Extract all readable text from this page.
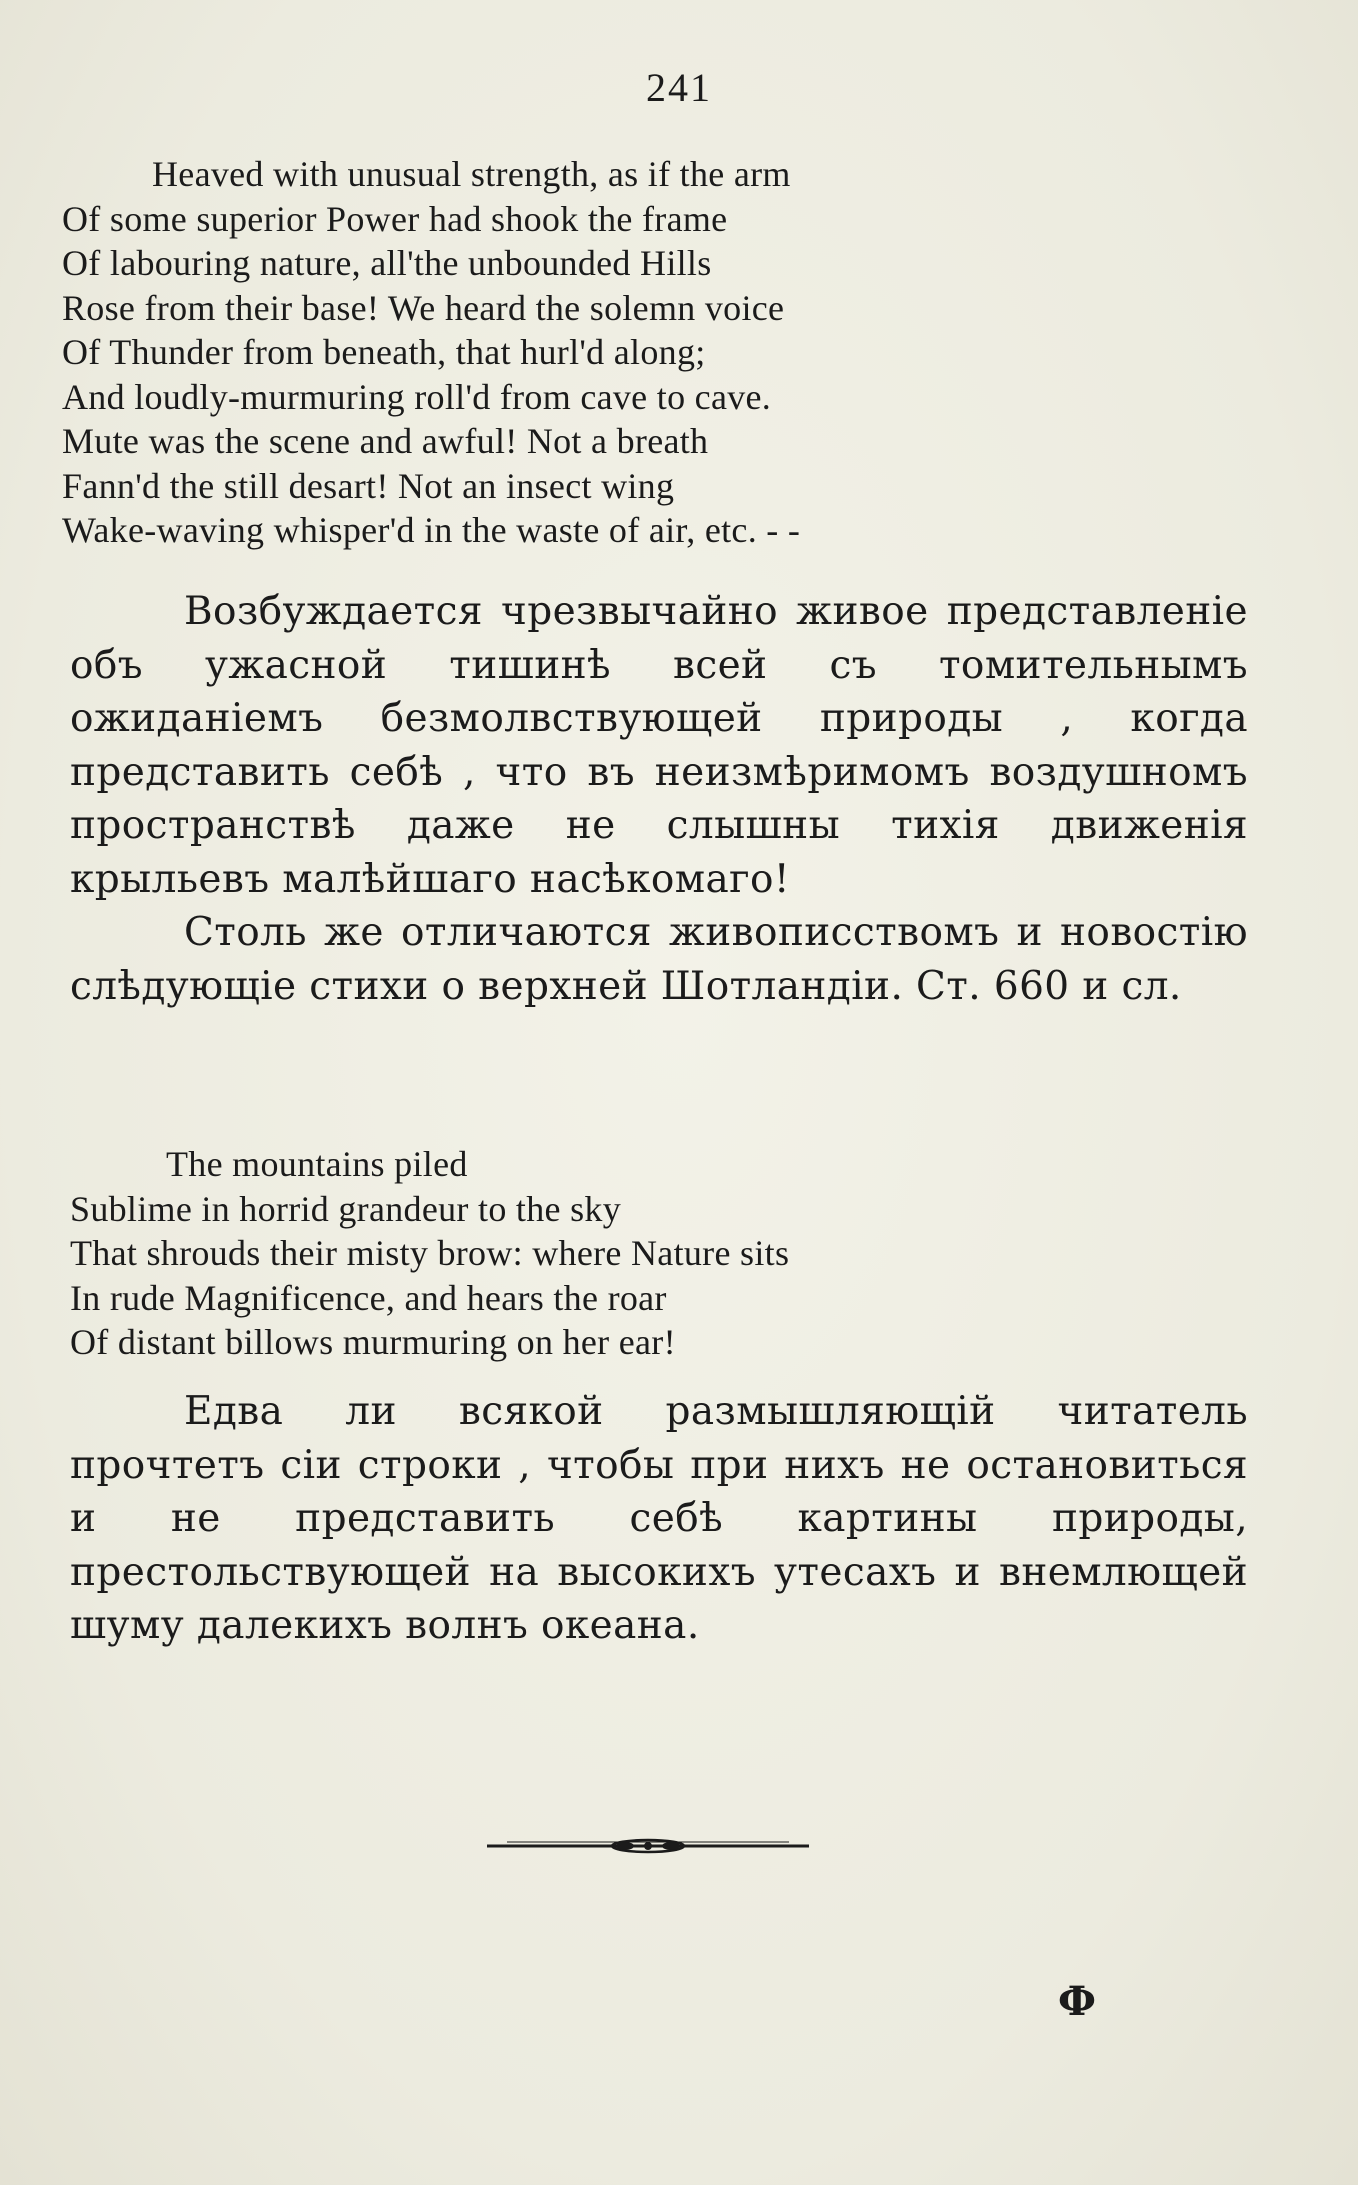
241
Heaved with unusual strength, as if the arm
Of some superior Power had shook the frame
Of labouring nature, all'the unbounded Hills
Rose from their base! We heard the solemn voice
Of Thunder from beneath, that hurl'd along;
And loudly-murmuring roll'd from cave to cave.
Mute was the scene and awful! Not a breath
Fann'd the still desart! Not an insect wing
Wake-waving whisper'd in the waste of air, etc. - -

Возбуждается чрезвычайно живое представленіе объ ужасной тишинѣ всей съ томительнымъ ожиданіемъ безмолвствующей природы , когда представить себѣ , что въ неизмѣримомъ воздушномъ пространствѣ даже не слышны тихія движенія крыльевъ малѣйшаго насѣкомаго!

Столь же отличаются живописствомъ и новостію слѣдующіе стихи о верхней Шотландіи. Ст. 660 и сл.

The mountains piled
Sublime in horrid grandeur to the sky
That shrouds their misty brow: where Nature sits
In rude Magnificence, and hears the roar
Of distant billows murmuring on her ear!

Едва ли всякой размышляющій читатель прочтетъ сіи строки , чтобы при нихъ не остановиться и не представить себѣ картины природы, престольствующей на высокихъ утесахъ и внемлющей шуму далекихъ волнъ океана.

Ф
